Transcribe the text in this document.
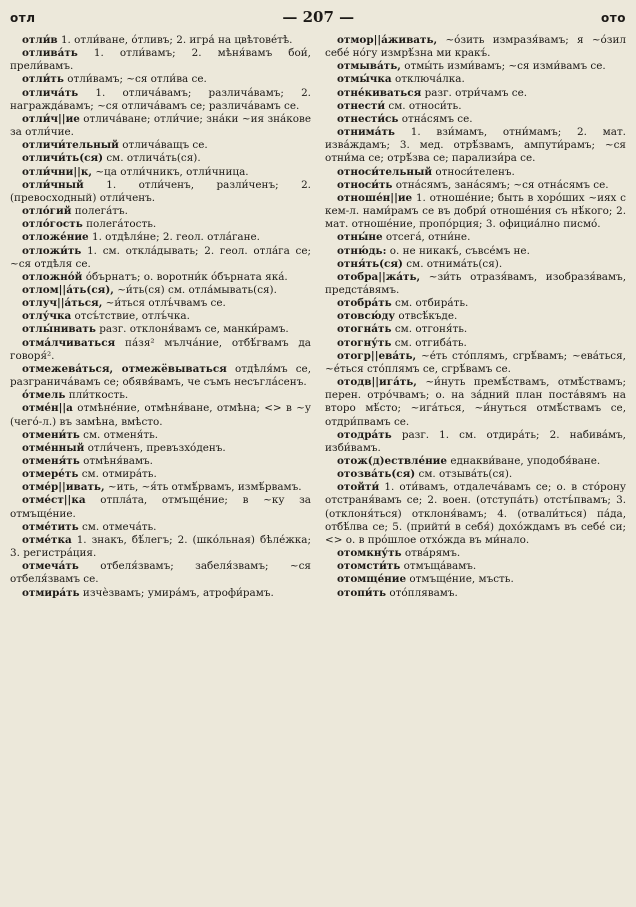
отл	— 207 —	ото

отли́в 1. отли́ване, о́тливъ; 2. игра́ на цвѣтове́тѣ.

отлива́ть 1. отли́вамъ; 2. мѣня́вамъ бои́, прели́вамъ.

отли́ть отли́вамъ; ~ся отли́ва се.

отлича́ть 1. отлича́вамъ; различа́вамъ; 2. награжда́вамъ; ~ся отлича́вамъ се; различа́вамъ се.

отли́ч||ие отлича́ване; отли́чие; зна́ки ~ия зна́кове за отли́чие.

отличи́тельный отлича́ващъ се.

отличи́ть(ся) см. отлича́ть(ся).

отли́чни||к, ~ца отли́чникъ, отли́чница.

отли́чный 1. отли́ченъ, разли́ченъ; 2. (превосходный) отли́ченъ.

отло́гий полега́тъ.

отло́гость полега́тость.

отложе́ние 1. отдѣля́не; 2. геол. отла́гане.

отложи́ть 1. см. откла́дывать; 2. геол. отла́га се; ~ся отдѣля се.

отложно́й о́бърнатъ; о. воротни́к о́бърната яка́.

отлом||а́ть(ся), ~и́ть(ся) см. отла́мывать(ся).

отлуч||а́ться, ~и́ться отлъ́чвамъ се.

отлу́чка отсъ́тствие, отлъ́чка.

отлы́нивать разг. отклоня́вамъ се, манки́рамъ.

отма́лчиваться па́зя² мълча́ние, отбѣ́гвамъ да говоря́².

отмежева́ться, отмежёвываться отдѣля́мъ се, разгранича́вамъ се; обявя́вамъ, че съмъ несъгла́сенъ.

о́тмель пли́ткость.

отме́н||а отмѣне́ние, отмѣня́ване, отмѣна; <> в ~у (чего́-л.) въ замѣна, вмѣсто.

отмени́ть см. отменя́ть.

отме́нный отли́ченъ, превъзхо́денъ.

отменя́ть отмѣня́вамъ.

отмере́ть см. отмира́ть.

отме́р||ивать, ~ить, ~я́ть отмѣ́рвамъ, измѣ́рвамъ.

отме́ст||ка отпла́та, отмъще́ние; в ~ку за отмъще́ние.

отме́тить см. отмеча́ть.

отме́тка 1. знакъ, бѣ́легъ; 2. (шко́льная) бѣле́жка; 3. регистра́ция.

отмеча́ть отбеля́звамъ; забеля́звамъ; ~ся отбеля́звамъ се.

отмира́ть изчѐзвамъ; умира́мъ, атрофи́рамъ.

отмор||а́живать, ~о́зить измразя́вамъ; я ~о́зил себе́ но́гу измрѣ́зна ми кракъ́.

отмыва́ть, отмы́ть изми́вамъ; ~ся изми́вамъ се.

отмы́чка отключа́лка.

отне́киваться разг. отри́чамъ се.

отнести́ см. относи́ть.

отнести́сь отна́сямъ се.

отнима́ть 1. взи́мамъ, отни́мамъ; 2. мат. изва́ждамъ; 3. мед. отрѣ́звамъ, ампути́рамъ; ~ся отни́ма се; отрѣ́зва се; парализи́ра се.

относи́тельный относи́теленъ.

относи́ть отна́сямъ, зана́сямъ; ~ся отна́сямъ се.

отноше́н||ие 1. отноше́ние; быть в хоро́ших ~иях с кем-л. нами́рамъ се въ добри́ отноше́ния съ нѣ́кого; 2. мат. отноше́ние, пропо́рция; 3. официа́лно писмо́.

отны́не отсега́, отни́не.

отню́дь: о. не никакъ́, съвсе́мъ не.

отня́ть(ся) см. отнима́ть(ся).

отобра||жа́ть, ~зи́ть отразя́вамъ, изобразя́вамъ, предста́вямъ.

отобра́ть см. отбира́ть.

отовсю́ду отвсѣ́къде.

отогна́ть см. отгоня́ть.

отогну́ть см. отгиба́ть.

отогр||ева́ть, ~е́ть сто́плямъ, сгрѣ́вамъ; ~ева́ться, ~е́ться сто́плямъ се, сгрѣ́вамъ се.

отодв||ига́ть, ~и́нуть премѣ́ствамъ, отмѣ́ствамъ; перен. отро́чвамъ; о. на за́дний план поста́вямъ на второ мѣ́сто; ~ига́ться, ~и́нуться отмѣ́ствамъ се, отдри́пвамъ се.

отодра́ть разг. 1. см. отдира́ть; 2. набива́мъ, изби́вамъ.

отож(д)ествле́ние еднакви́ване, уподобя́ване.

отозва́ть(ся) см. отзыва́ть(ся).

отойти́ 1. оти́вамъ, отдалеча́вамъ се; о. в сто́рону отстраня́вамъ се; 2. воен. (отступа́ть) отстъ́пвамъ; 3.(отклоня́ться) отклоня́вамъ; 4. (отвали́ться) па́да, отбѣ́лва се; 5. (прийти́ в себя́) дохо́ждамъ въ себе́ си; <> о. в про́шлое отхо́жда въ ми́нало.

отомкну́ть отва́рямъ.

отомсти́ть отмъща́вамъ.

отомще́ние отмъще́ние, мъсть.

отопи́ть ото́плявамъ.
